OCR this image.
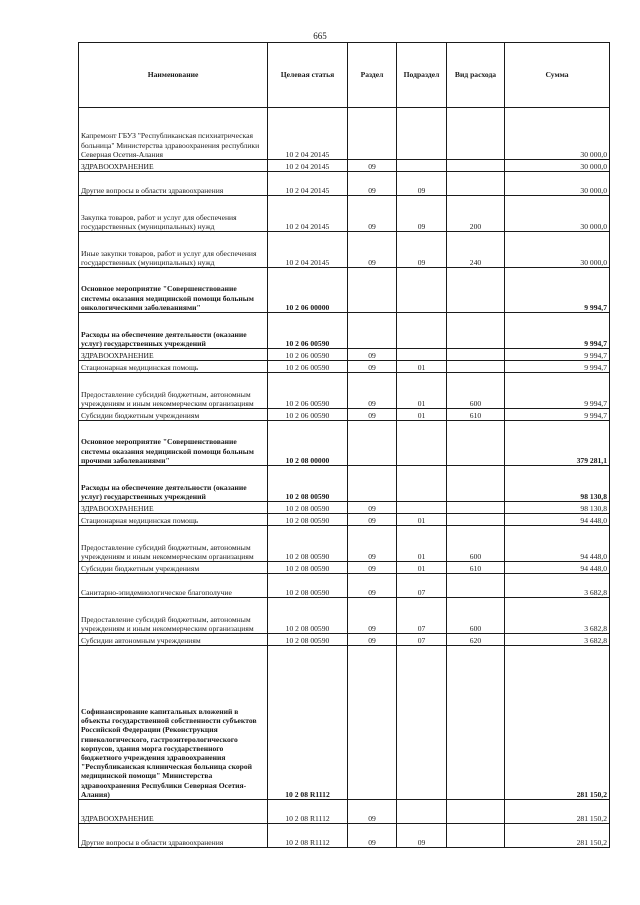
665
Наименование	Целевая статья	Раздел	Подраздел	Вид расхода	Сумма
Капремонт ГБУЗ "Республиканская психиатрическая больница" Министерства здравоохранения республики Северная Осетия-Алания	10 2 04 20145				30 000,0
ЗДРАВООХРАНЕНИЕ	10 2 04 20145	09			30 000,0
Другие вопросы в области здравоохранения	10 2 04 20145	09	09		30 000,0
Закупка товаров, работ и услуг для обеспечения государственных (муниципальных) нужд	10 2 04 20145	09	09	200	30 000,0
Иные закупки товаров, работ и услуг для обеспечения государственных (муниципальных) нужд	10 2 04 20145	09	09	240	30 000,0
Основное мероприятие "Совершенствование системы оказания медицинской помощи больным онкологическими заболеваниями"	10 2 06 00000				9 994,7
Расходы на обеспечение деятельности (оказание услуг) государственных учреждений	10 2 06 00590				9 994,7
ЗДРАВООХРАНЕНИЕ	10 2 06 00590	09			9 994,7
Стационарная медицинская помощь	10 2 06 00590	09	01		9 994,7
Предоставление субсидий бюджетным, автономным учреждениям и иным некоммерческим организациям	10 2 06 00590	09	01	600	9 994,7
Субсидии бюджетным учреждениям	10 2 06 00590	09	01	610	9 994,7
Основное мероприятие "Совершенствование системы оказания медицинской помощи больным прочими заболеваниями"	10 2 08 00000				379 281,1
Расходы на обеспечение деятельности (оказание услуг) государственных учреждений	10 2 08 00590				98 130,8
ЗДРАВООХРАНЕНИЕ	10 2 08 00590	09			98 130,8
Стационарная медицинская помощь	10 2 08 00590	09	01		94 448,0
Предоставление субсидий бюджетным, автономным учреждениям и иным некоммерческим организациям	10 2 08 00590	09	01	600	94 448,0
Субсидии бюджетным учреждениям	10 2 08 00590	09	01	610	94 448,0
Санитарно-эпидемиологическое благополучие	10 2 08 00590	09	07		3 682,8
Предоставление субсидий бюджетным, автономным учреждениям и иным некоммерческим организациям	10 2 08 00590	09	07	600	3 682,8
Субсидии автономным учреждениям	10 2 08 00590	09	07	620	3 682,8
Софинансирование капитальных вложений в объекты государственной собственности субъектов Российской Федерации (Реконструкция гинекологического, гастроэнтерологического корпусов, здания морга государственного бюджетного учреждения здравоохранения "Республиканская клиническая больница скорой медицинской помощи" Министерства здравоохранения Республики Северная Осетия-Алания)	10 2 08 R1112				281 150,2
ЗДРАВООХРАНЕНИЕ	10 2 08 R1112	09			281 150,2
Другие вопросы в области здравоохранения	10 2 08 R1112	09	09		281 150,2
